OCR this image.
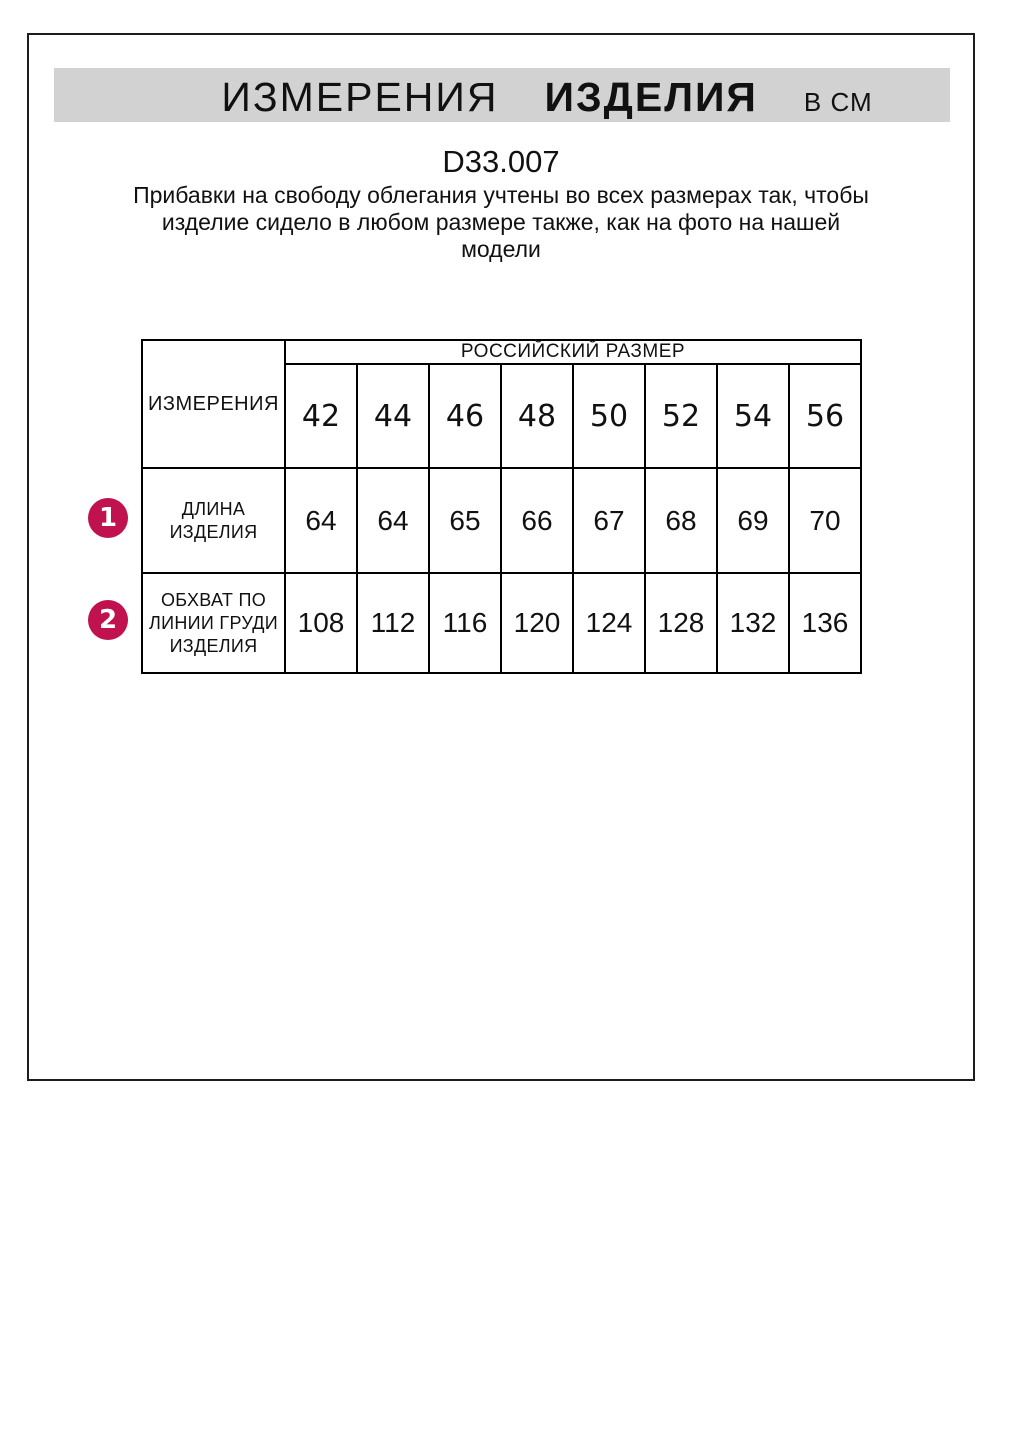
ИЗМЕРЕНИЯ ИЗДЕЛИЯ В СМ
D33.007
Прибавки на свободу облегания учтены во всех размерах так, чтобы
изделие сидело в любом размере также, как на фото на нашей
модели
ИЗМЕРЕНИЯ	РОССИЙСКИЙ РАЗМЕР							
	42	44	46	48	50	52	54	56
ДЛИНА ИЗДЕЛИЯ	64	64	65	66	67	68	69	70
ОБХВАТ ПО ЛИНИИ ГРУДИ ИЗДЕЛИЯ	108	112	116	120	124	128	132	136
1
2
